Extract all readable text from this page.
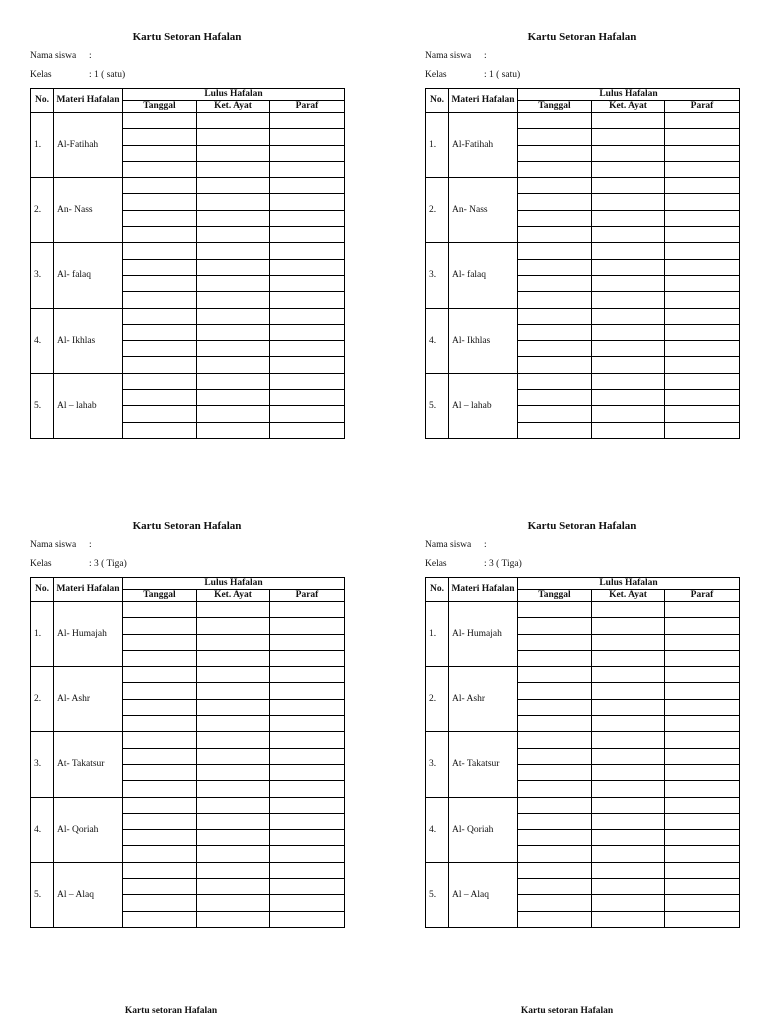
Kartu Setoran Hafalan
Nama siswa :
Kelas	: 1 ( satu)
No.	Materi Hafalan	Lulus Hafalan		
		Tanggal	Ket. Ayat	Paraf
1.	Al-Fatihah			

2.	An- Nass			

3.	Al- falaq			

4.	Al- Ikhlas			

5.	Al – lahab			

Kartu Setoran Hafalan
Nama siswa :
Kelas	: 1 ( satu)
No.	Materi Hafalan	Lulus Hafalan		
		Tanggal	Ket. Ayat	Paraf
1.	Al-Fatihah			

2.	An- Nass			

3.	Al- falaq			

4.	Al- Ikhlas			

5.	Al – lahab			

Kartu Setoran Hafalan
Nama siswa :
Kelas	: 3 ( Tiga)
No.	Materi Hafalan	Lulus Hafalan		
		Tanggal	Ket. Ayat	Paraf
1.	Al- Humajah			

2.	Al- Ashr			

3.	At- Takatsur			

4.	Al- Qoriah			

5.	Al – Alaq			

Kartu Setoran Hafalan
Nama siswa :
Kelas	: 3 ( Tiga)
No.	Materi Hafalan	Lulus Hafalan		
		Tanggal	Ket. Ayat	Paraf
1.	Al- Humajah			

2.	Al- Ashr			

3.	At- Takatsur			

4.	Al- Qoriah			

5.	Al – Alaq			

Kartu setoran Hafalan	Kartu setoran Hafalan
